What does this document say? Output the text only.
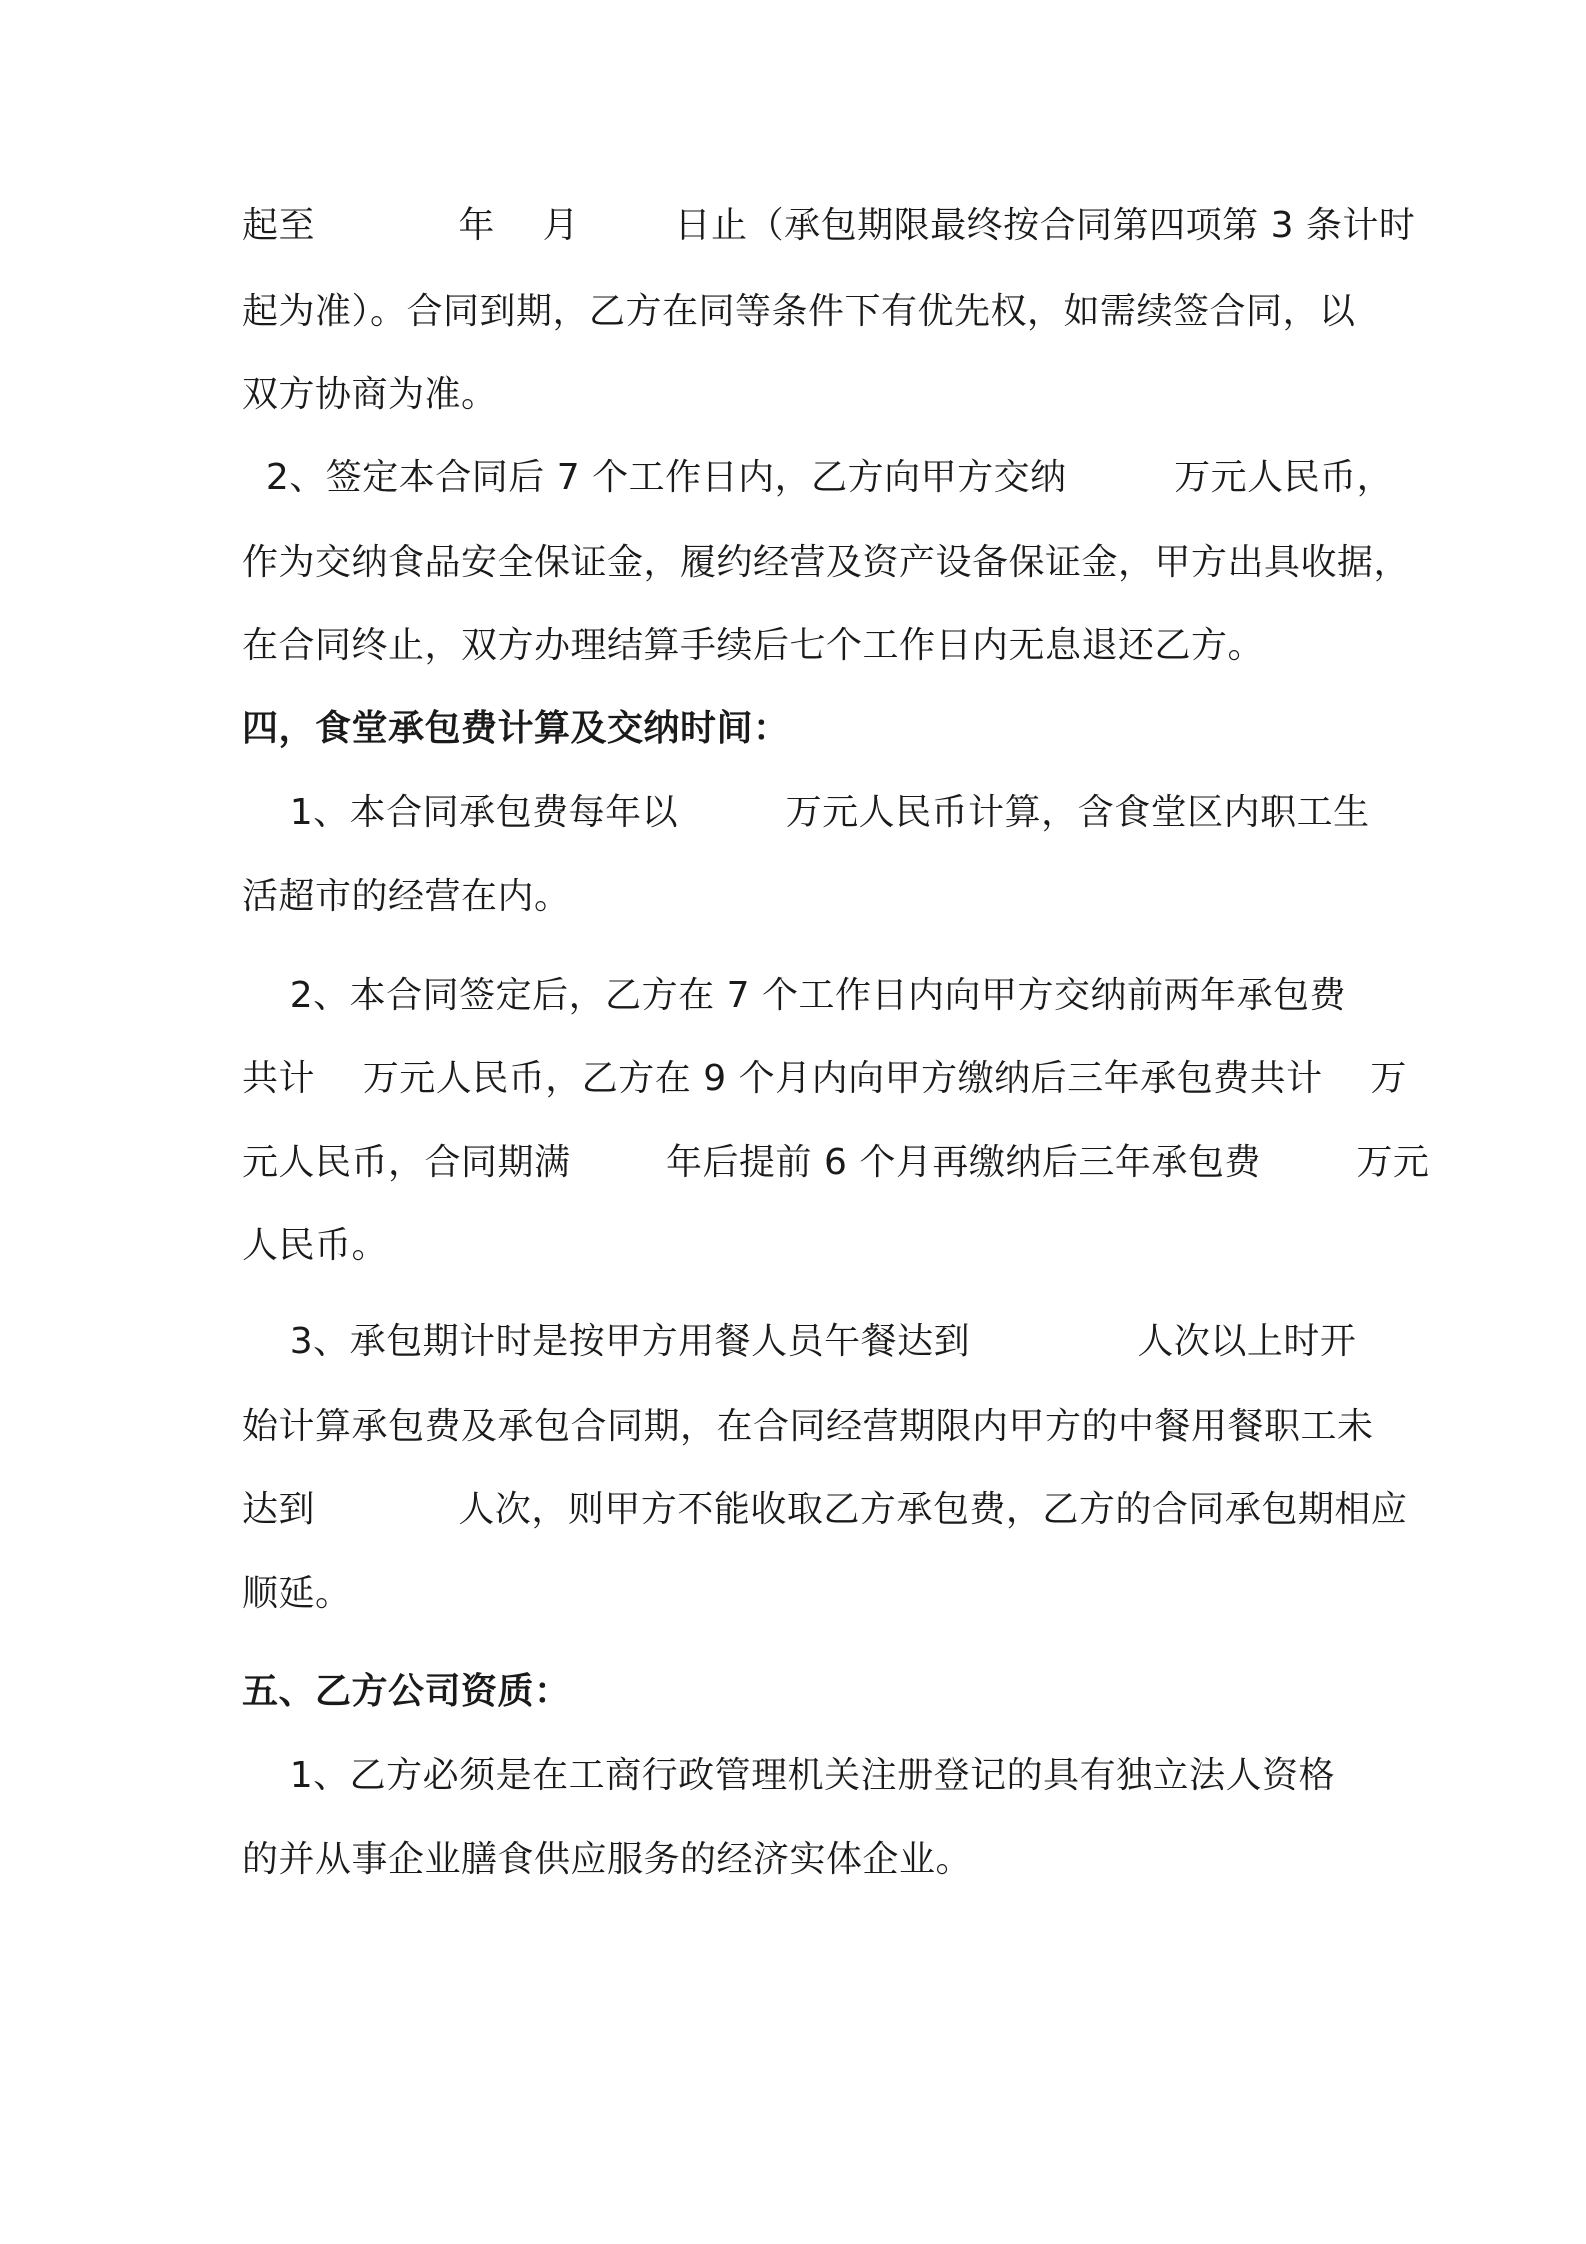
起至            年    月        日止（承包期限最终按合同第四项第 3 条计时
起为准）。合同到期，乙方在同等条件下有优先权，如需续签合同，以
双方协商为准。
2、签定本合同后 7 个工作日内，乙方向甲方交纳         万元人民币，
作为交纳食品安全保证金，履约经营及资产设备保证金，甲方出具收据，
在合同终止，双方办理结算手续后七个工作日内无息退还乙方。
四，食堂承包费计算及交纳时间：
1、本合同承包费每年以         万元人民币计算，含食堂区内职工生
活超市的经营在内。
2、本合同签定后，乙方在 7 个工作日内向甲方交纳前两年承包费
共计    万元人民币，乙方在 9 个月内向甲方缴纳后三年承包费共计    万
元人民币，合同期满        年后提前 6 个月再缴纳后三年承包费        万元
人民币。
3、承包期计时是按甲方用餐人员午餐达到              人次以上时开
始计算承包费及承包合同期，在合同经营期限内甲方的中餐用餐职工未
达到            人次，则甲方不能收取乙方承包费，乙方的合同承包期相应
顺延。
五、乙方公司资质：
1、乙方必须是在工商行政管理机关注册登记的具有独立法人资格
的并从事企业膳食供应服务的经济实体企业。
